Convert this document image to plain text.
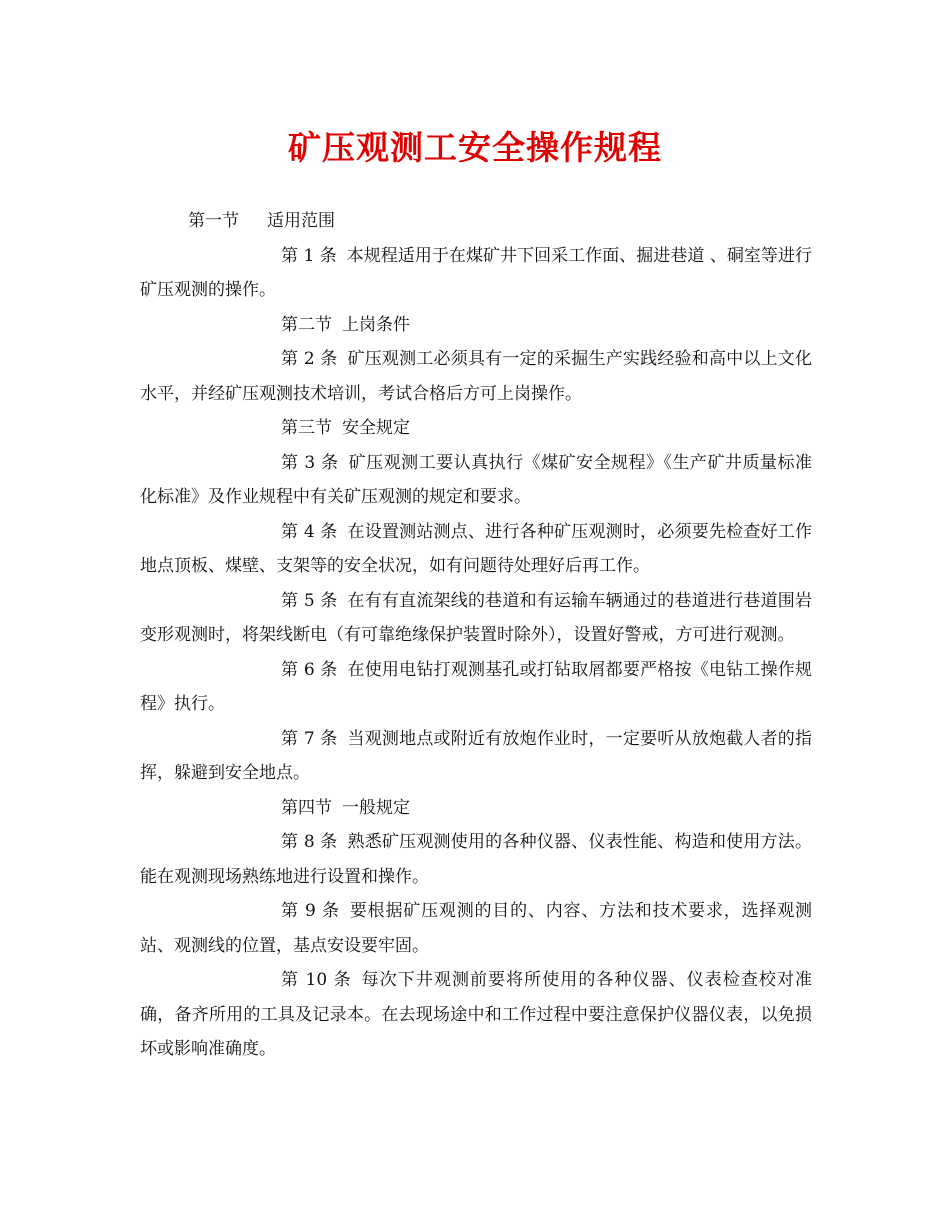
矿压观测工安全操作规程

第一节 适用范围

第 1 条 本规程适用于在煤矿井下回采工作面、掘进巷道 、硐室等进行矿压观测的操作。

第二节 上岗条件

第 2 条 矿压观测工必须具有一定的采掘生产实践经验和高中以上文化水平，并经矿压观测技术培训，考试合格后方可上岗操作。

第三节 安全规定

第 3 条 矿压观测工要认真执行《煤矿安全规程》《生产矿井质量标准化标准》及作业规程中有关矿压观测的规定和要求。

第 4 条 在设置测站测点、进行各种矿压观测时，必须要先检查好工作地点顶板、煤壁、支架等的安全状况，如有问题待处理好后再工作。

第 5 条 在有有直流架线的巷道和有运输车辆通过的巷道进行巷道围岩变形观测时，将架线断电（有可靠绝缘保护装置时除外），设置好警戒，方可进行观测。

第 6 条 在使用电钻打观测基孔或打钻取屑都要严格按《电钻工操作规程》执行。

第 7 条 当观测地点或附近有放炮作业时，一定要听从放炮截人者的指挥，躲避到安全地点。

第四节 一般规定

第 8 条 熟悉矿压观测使用的各种仪器、仪表性能、构造和使用方法。能在观测现场熟练地进行设置和操作。

第 9 条 要根据矿压观测的目的、内容、方法和技术要求，选择观测站、观测线的位置，基点安设要牢固。

第 10 条 每次下井观测前要将所使用的各种仪器、仪表检查校对准确，备齐所用的工具及记录本。在去现场途中和工作过程中要注意保护仪器仪表，以免损坏或影响准确度。
